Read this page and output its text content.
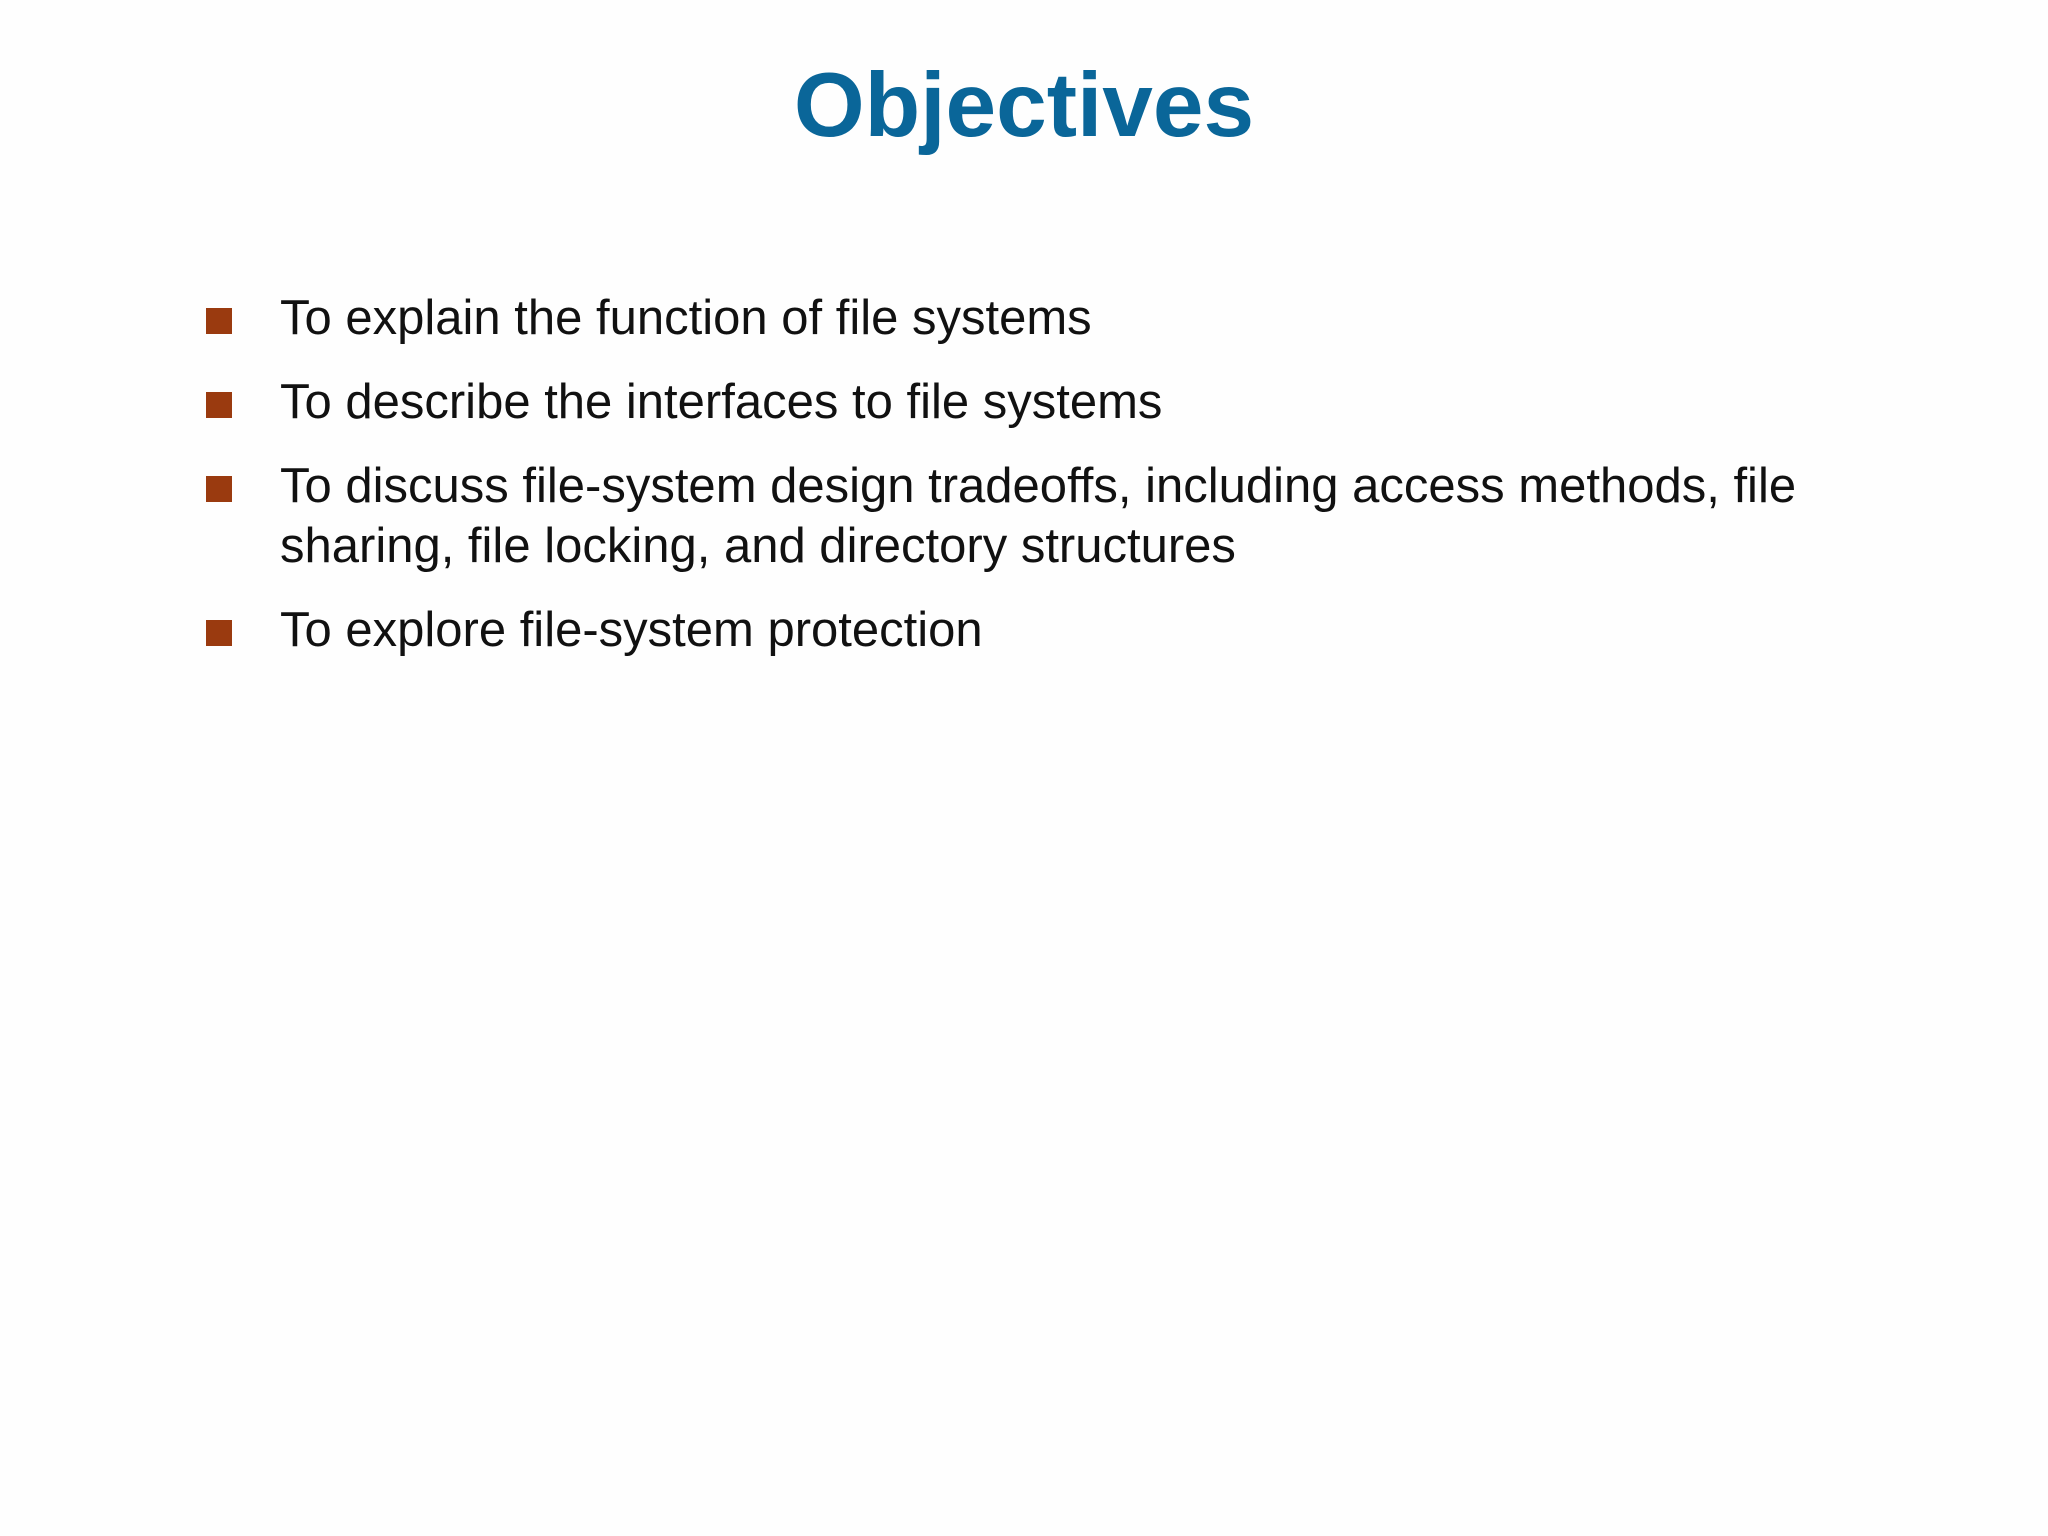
Objectives
To explain the function of file systems
To describe the interfaces to file systems
To discuss file-system design tradeoffs, including access methods, file sharing, file locking, and directory structures
To explore file-system protection
